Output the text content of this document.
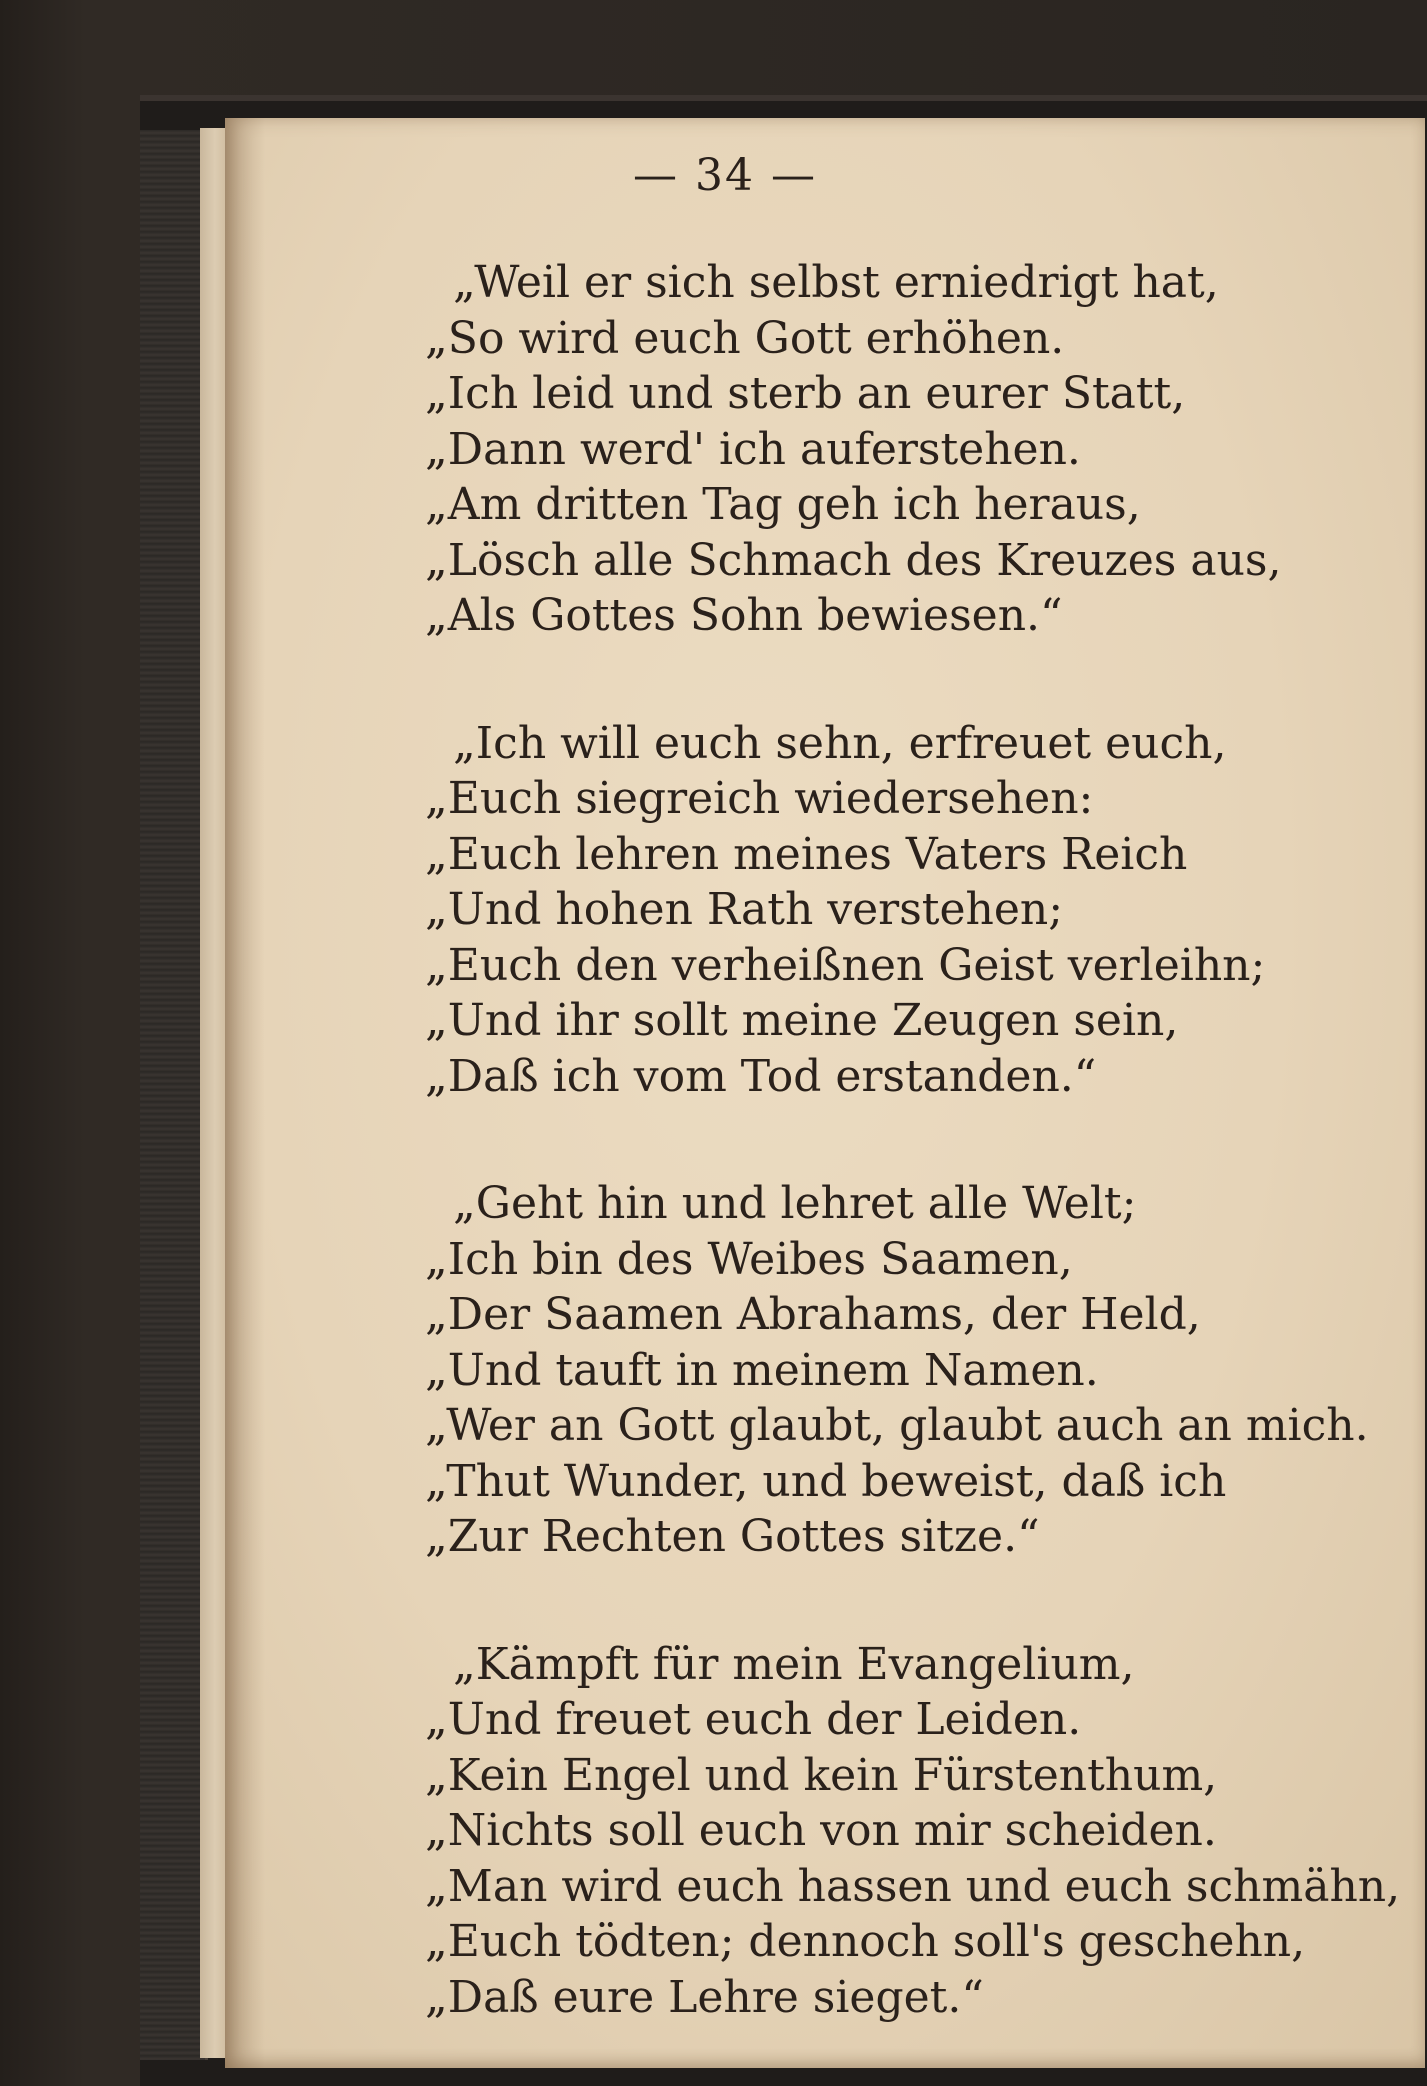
— 34 —
„Weil er sich selbst erniedrigt hat,
„So wird euch Gott erhöhen.
„Ich leid und sterb an eurer Statt,
„Dann werd' ich auferstehen.
„Am dritten Tag geh ich heraus,
„Lösch alle Schmach des Kreuzes aus,
„Als Gottes Sohn bewiesen.“
„Ich will euch sehn, erfreuet euch,
„Euch siegreich wiedersehen:
„Euch lehren meines Vaters Reich
„Und hohen Rath verstehen;
„Euch den verheißnen Geist verleihn;
„Und ihr sollt meine Zeugen sein,
„Daß ich vom Tod erstanden.“
„Geht hin und lehret alle Welt;
„Ich bin des Weibes Saamen,
„Der Saamen Abrahams, der Held,
„Und tauft in meinem Namen.
„Wer an Gott glaubt, glaubt auch an mich.
„Thut Wunder, und beweist, daß ich
„Zur Rechten Gottes sitze.“
„Kämpft für mein Evangelium,
„Und freuet euch der Leiden.
„Kein Engel und kein Fürstenthum,
„Nichts soll euch von mir scheiden.
„Man wird euch hassen und euch schmähn,
„Euch tödten; dennoch soll's geschehn,
„Daß eure Lehre sieget.“
